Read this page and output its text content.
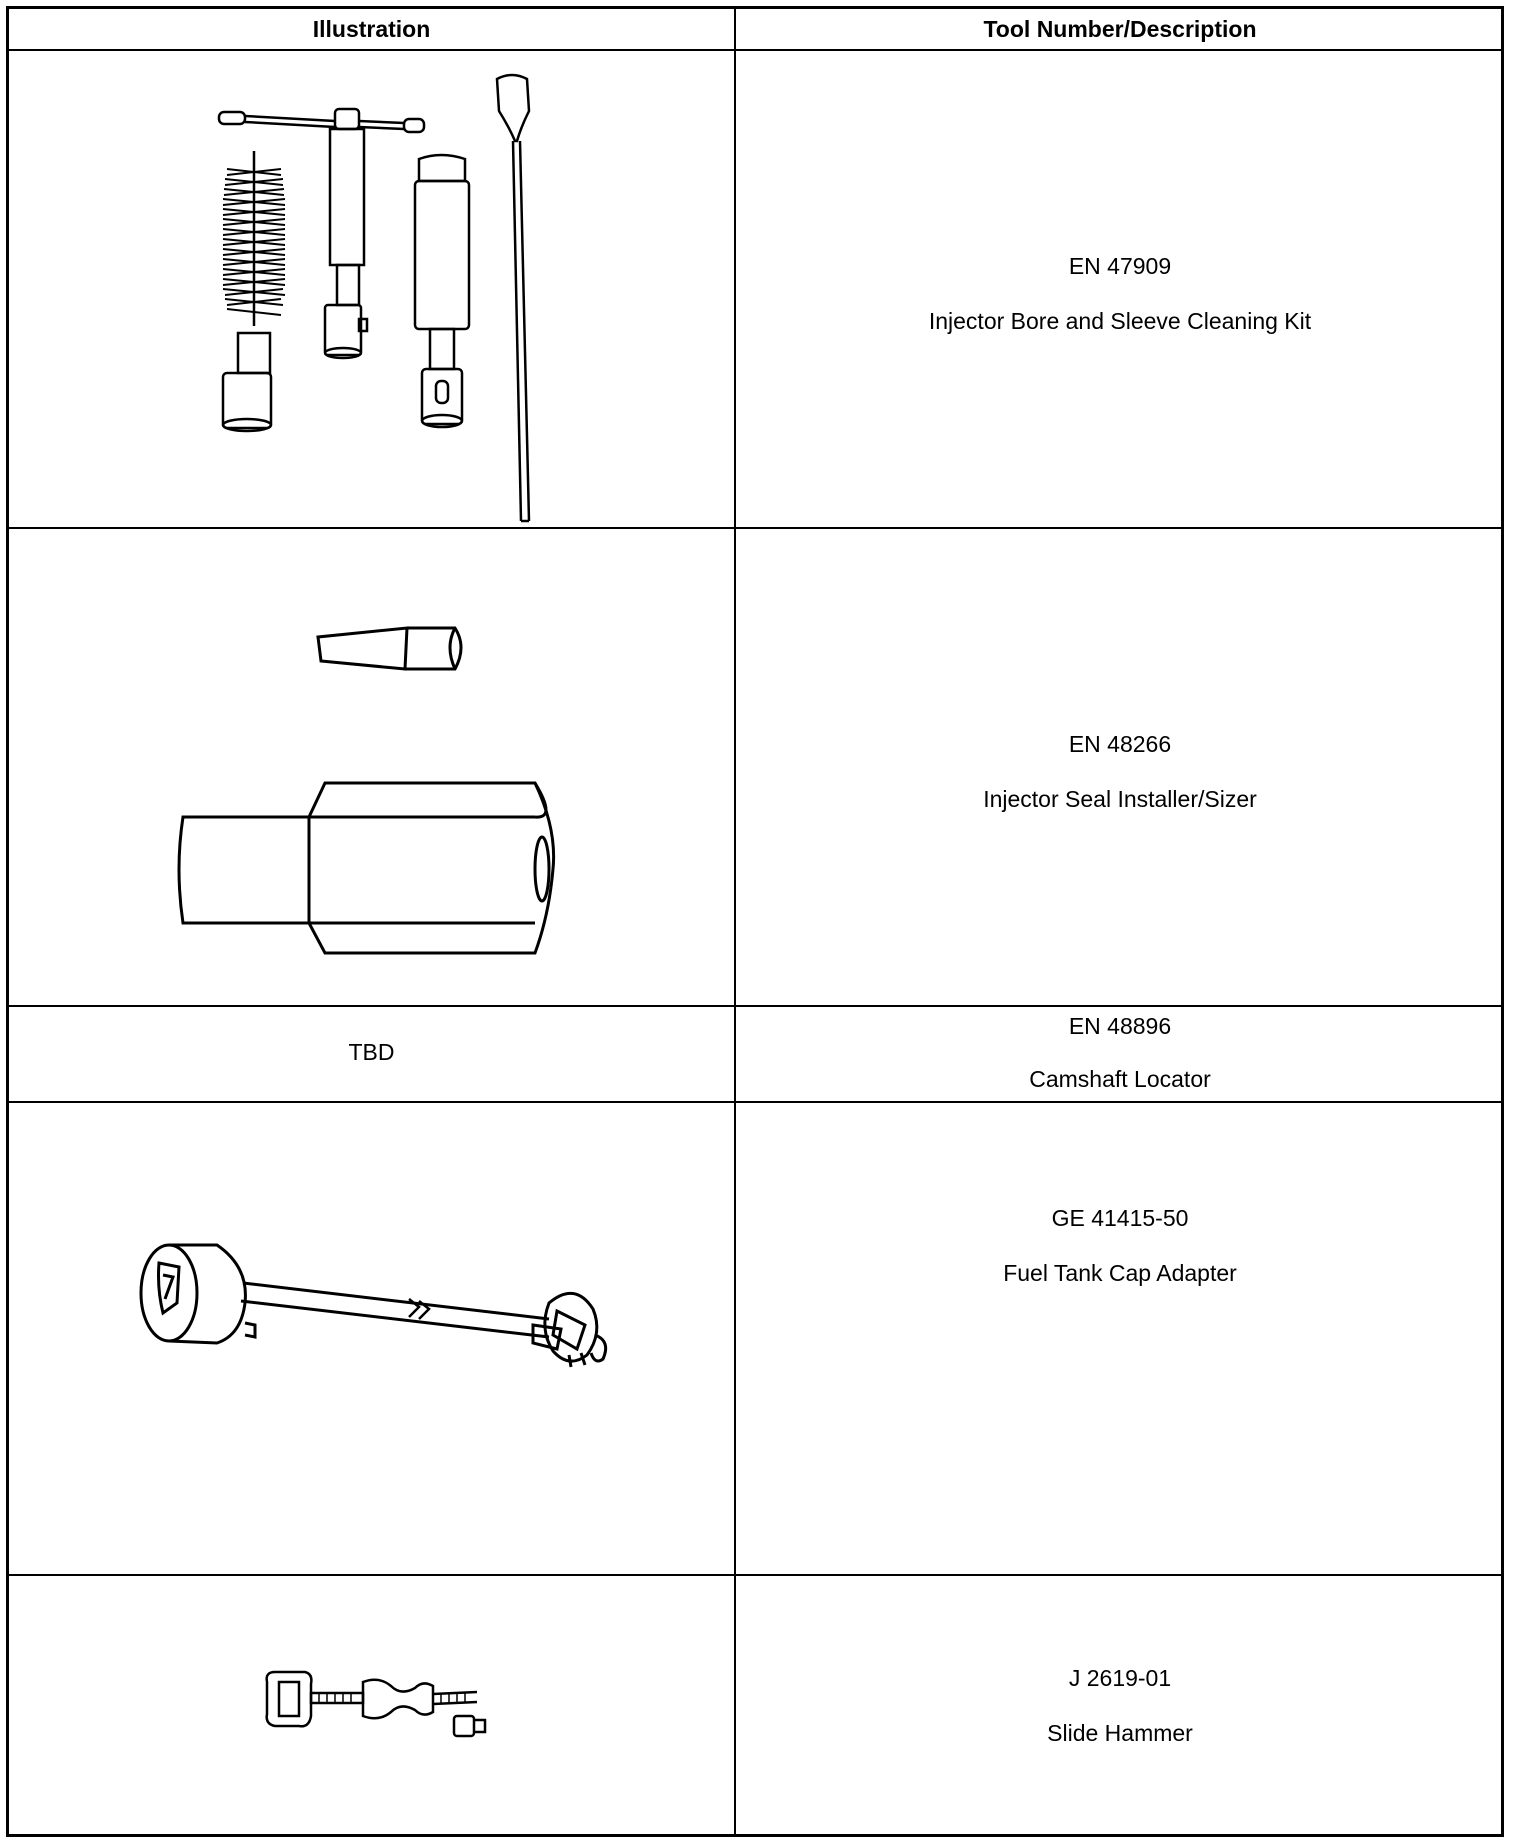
Illustration	Tool Number/Description
EN 47909
Injector Bore and Sleeve Cleaning Kit
EN 48266
Injector Seal Installer/Sizer
TBD
EN 48896
Camshaft Locator
GE 41415-50
Fuel Tank Cap Adapter
J 2619-01
Slide Hammer
